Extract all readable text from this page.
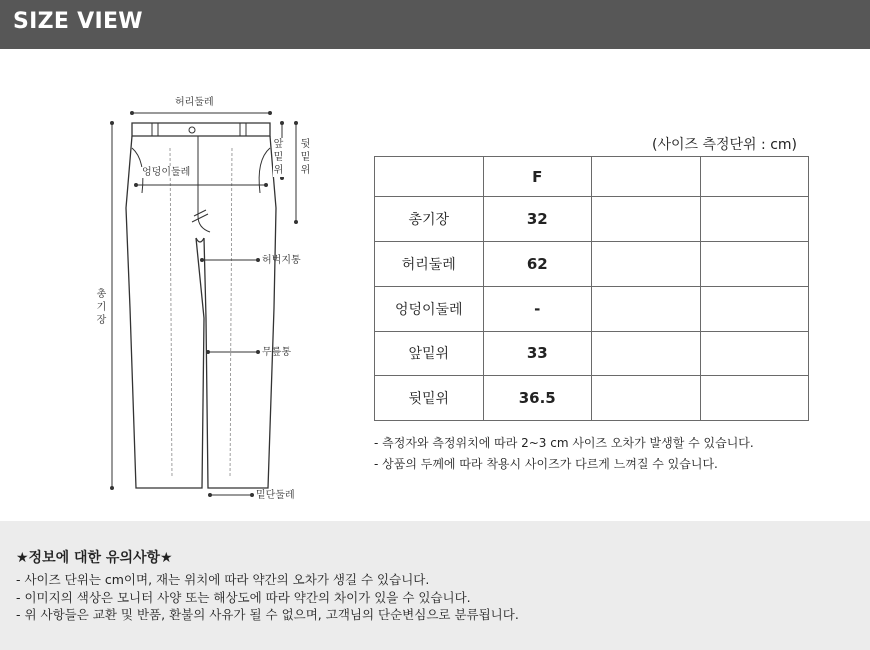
SIZE VIEW
허리둘레
엉덩이둘레
앞밑위
뒷밑위
허벅지통
무릎통
총기장
밑단둘레
(사이즈 측정단위 : cm)
	F		
총기장	32		
허리둘레	62		
엉덩이둘레	-		
앞밑위	33		
뒷밑위	36.5		
- 측정자와 측정위치에 따라 2~3 cm 사이즈 오차가 발생할 수 있습니다.
- 상품의 두께에 따라 착용시 사이즈가 다르게 느껴질 수 있습니다.
★정보에 대한 유의사항★
- 사이즈 단위는 cm이며, 재는 위치에 따라 약간의 오차가 생길 수 있습니다.
- 이미지의 색상은 모니터 사양 또는 해상도에 따라 약간의 차이가 있을 수 있습니다.
- 위 사항들은 교환 및 반품, 환불의 사유가 될 수 없으며, 고객님의 단순변심으로 분류됩니다.
